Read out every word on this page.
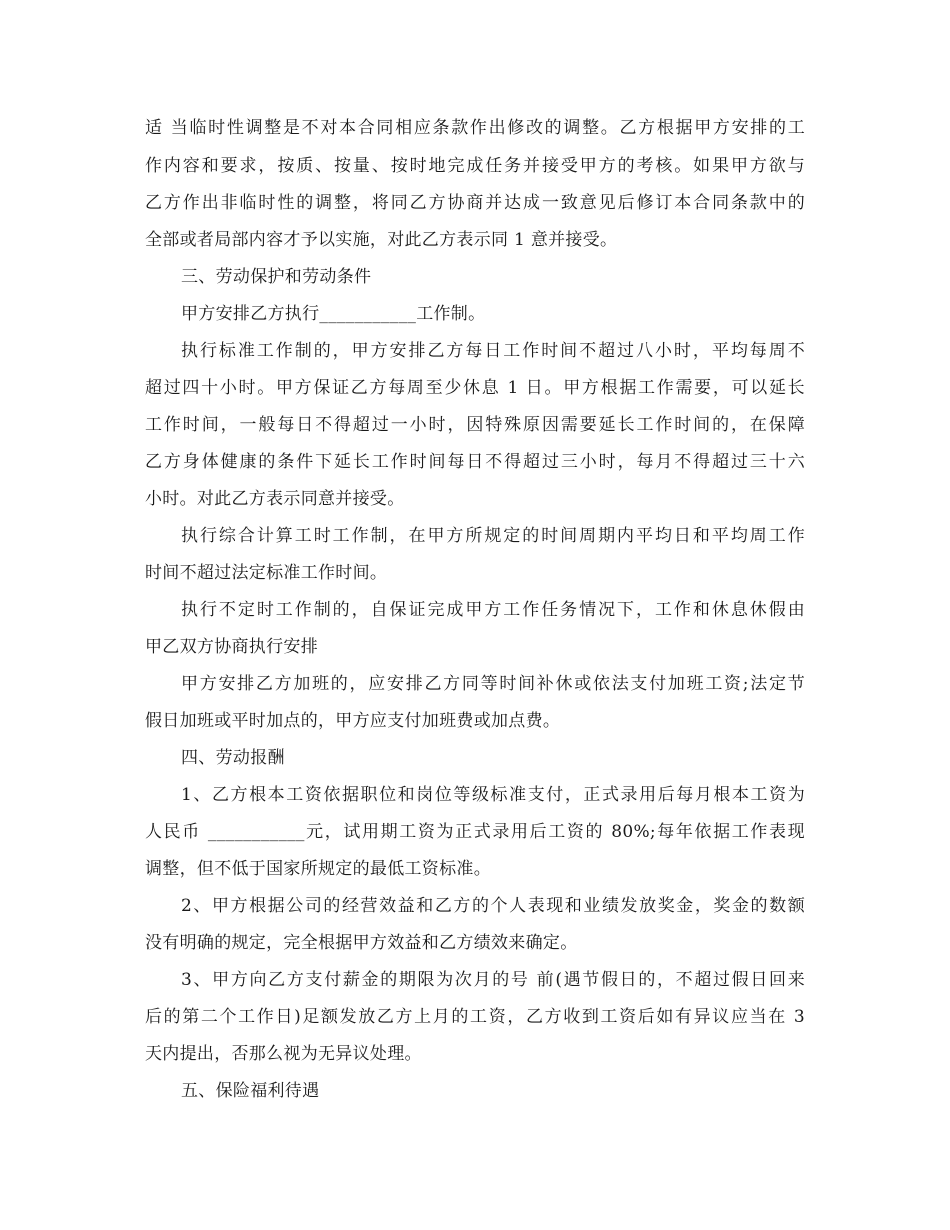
适 当临时性调整是不对本合同相应条款作出修改的调整。乙方根据甲方安排的工
作内容和要求，按质、按量、按时地完成任务并接受甲方的考核。如果甲方欲与
乙方作出非临时性的调整，将同乙方协商并达成一致意见后修订本合同条款中的
全部或者局部内容才予以实施，对此乙方表示同 1 意并接受。
三、劳动保护和劳动条件
甲方安排乙方执行___________工作制。
执行标准工作制的，甲方安排乙方每日工作时间不超过八小时，平均每周不
超过四十小时。甲方保证乙方每周至少休息 1 日。甲方根据工作需要，可以延长
工作时间，一般每日不得超过一小时，因特殊原因需要延长工作时间的，在保障
乙方身体健康的条件下延长工作时间每日不得超过三小时，每月不得超过三十六
小时。对此乙方表示同意并接受。
执行综合计算工时工作制，在甲方所规定的时间周期内平均日和平均周工作
时间不超过法定标准工作时间。
执行不定时工作制的，自保证完成甲方工作任务情况下，工作和休息休假由
甲乙双方协商执行安排
甲方安排乙方加班的，应安排乙方同等时间补休或依法支付加班工资;法定节
假日加班或平时加点的，甲方应支付加班费或加点费。
四、劳动报酬
1、乙方根本工资依据职位和岗位等级标准支付，正式录用后每月根本工资为
人民币 ___________元，试用期工资为正式录用后工资的 80%;每年依据工作表现
调整，但不低于国家所规定的最低工资标准。
2、甲方根据公司的经营效益和乙方的个人表现和业绩发放奖金，奖金的数额
没有明确的规定，完全根据甲方效益和乙方绩效来确定。
3、甲方向乙方支付薪金的期限为次月的号 前(遇节假日的，不超过假日回来
后的第二个工作日)足额发放乙方上月的工资，乙方收到工资后如有异议应当在 3
天内提出，否那么视为无异议处理。
五、保险福利待遇
